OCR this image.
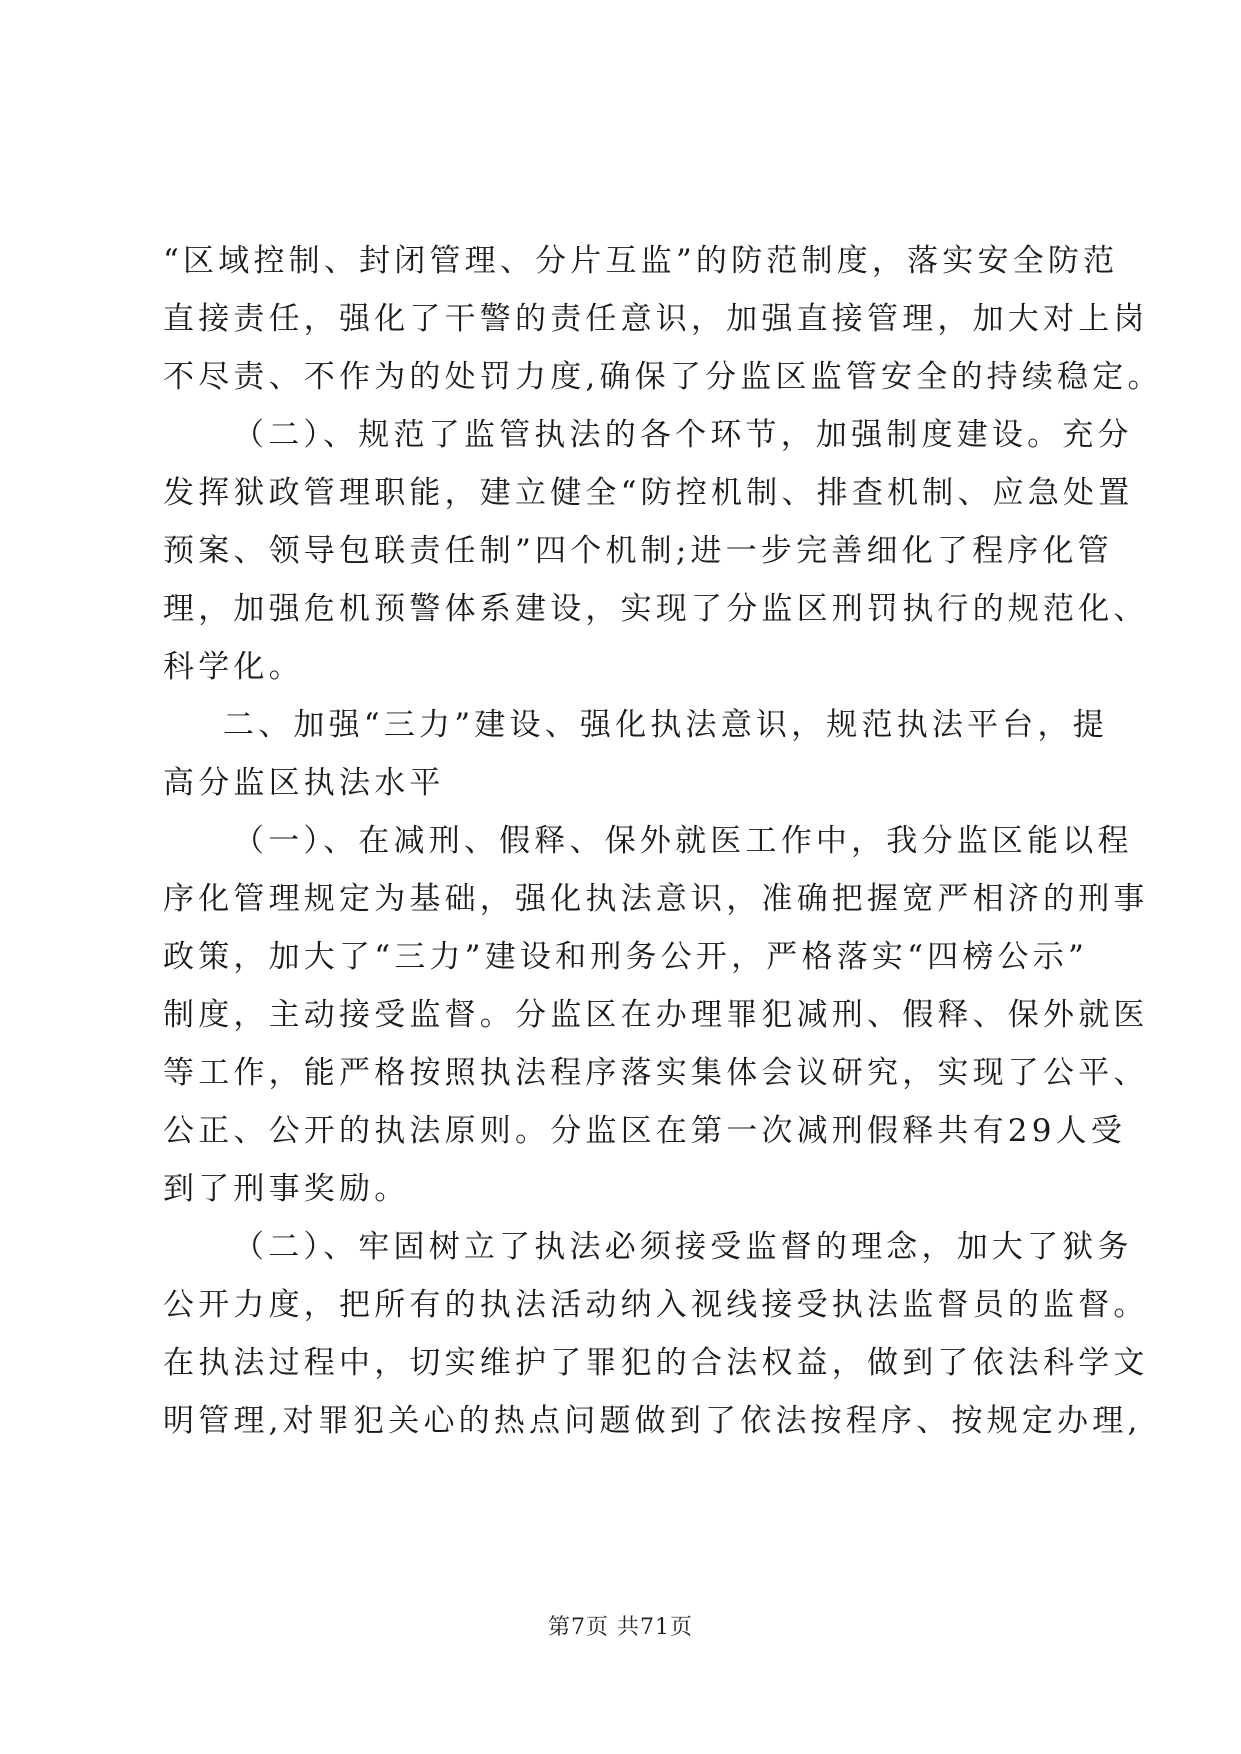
“区域控制、封闭管理、分片互监”的防范制度，落实安全防范
直接责任，强化了干警的责任意识，加强直接管理，加大对上岗
不尽责、不作为的处罚力度,确保了分监区监管安全的持续稳定。
（二）、规范了监管执法的各个环节，加强制度建设。充分
发挥狱政管理职能，建立健全“防控机制、排查机制、应急处置
预案、领导包联责任制”四个机制;进一步完善细化了程序化管
理，加强危机预警体系建设，实现了分监区刑罚执行的规范化、
科学化。
二、加强“三力”建设、强化执法意识，规范执法平台，提
高分监区执法水平
（一）、在减刑、假释、保外就医工作中，我分监区能以程
序化管理规定为基础，强化执法意识，准确把握宽严相济的刑事
政策，加大了“三力”建设和刑务公开，严格落实“四榜公示”
制度，主动接受监督。分监区在办理罪犯减刑、假释、保外就医
等工作，能严格按照执法程序落实集体会议研究，实现了公平、
公正、公开的执法原则。分监区在第一次减刑假释共有29人受
到了刑事奖励。
（二）、牢固树立了执法必须接受监督的理念，加大了狱务
公开力度，把所有的执法活动纳入视线接受执法监督员的监督。
在执法过程中，切实维护了罪犯的合法权益，做到了依法科学文
明管理,对罪犯关心的热点问题做到了依法按程序、按规定办理,
第7页 共71页
